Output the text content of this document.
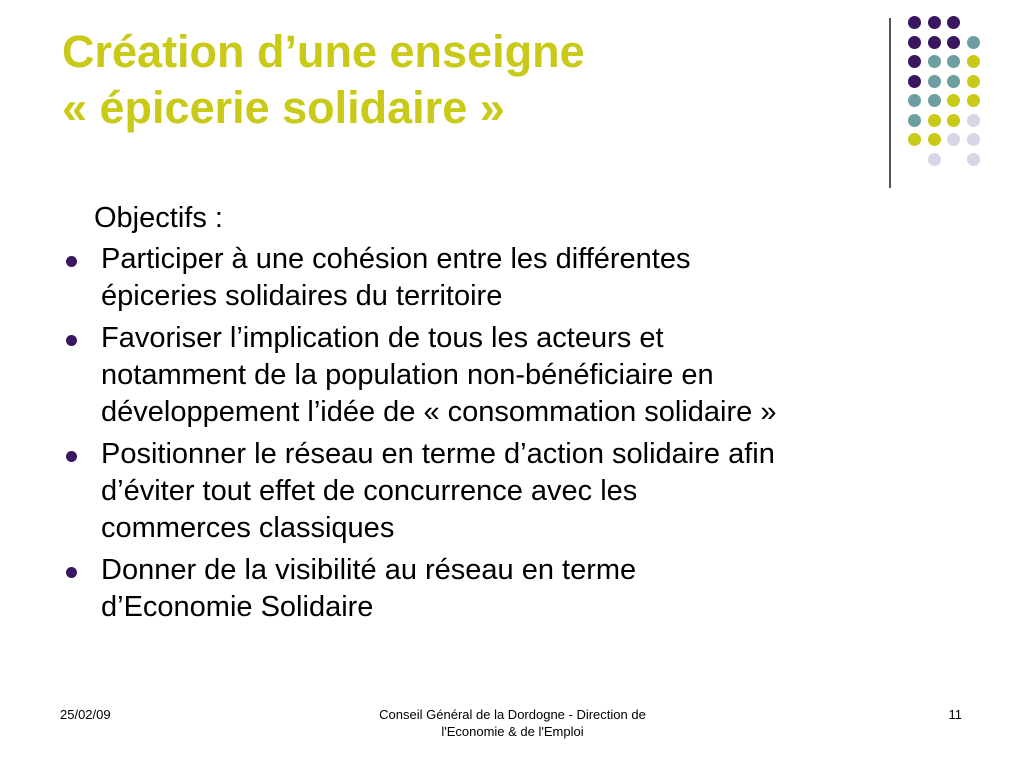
Création d’une enseigne
« épicerie solidaire »
Objectifs :
Participer à une cohésion entre les différentes
épiceries solidaires du territoire
Favoriser l’implication de tous les acteurs et
notamment de la population non-bénéficiaire en
développement l’idée de « consommation solidaire »
Positionner le réseau en terme d’action solidaire afin
d’éviter tout effet de concurrence avec les
commerces classiques
Donner de la visibilité au réseau en terme
d’Economie Solidaire
25/02/09	Conseil Général de la Dordogne - Direction de
l'Economie & de l'Emploi
11
